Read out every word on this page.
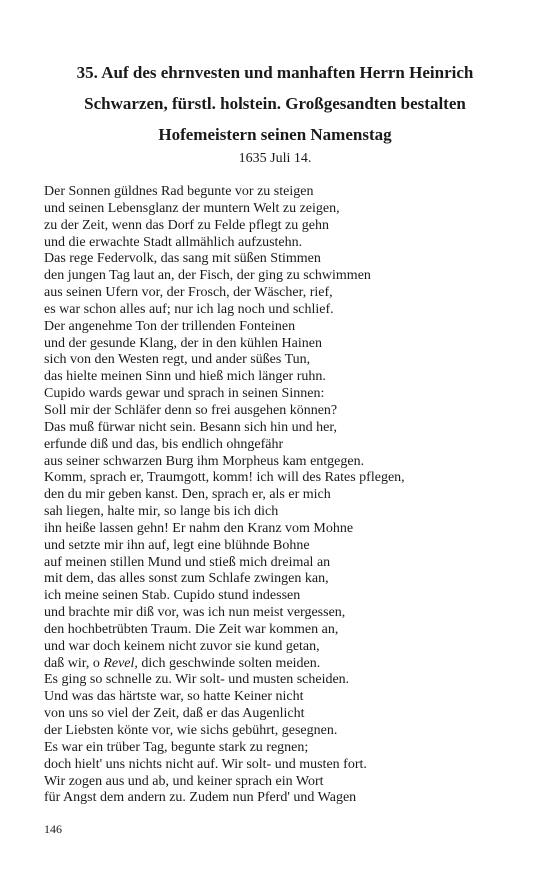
35. Auf des ehrnvesten und manhaften Herrn Heinrich
Schwarzen, fürstl. holstein. Großgesandten bestalten
Hofemeistern seinen Namenstag
1635 Juli 14.
Der Sonnen güldnes Rad begunte vor zu steigen
und seinen Lebensglanz der muntern Welt zu zeigen,
zu der Zeit, wenn das Dorf zu Felde pflegt zu gehn
und die erwachte Stadt allmählich aufzustehn.
Das rege Federvolk, das sang mit süßen Stimmen
den jungen Tag laut an, der Fisch, der ging zu schwimmen
aus seinen Ufern vor, der Frosch, der Wäscher, rief,
es war schon alles auf; nur ich lag noch und schlief.
Der angenehme Ton der trillenden Fonteinen
und der gesunde Klang, der in den kühlen Hainen
sich von den Westen regt, und ander süßes Tun,
das hielte meinen Sinn und hieß mich länger ruhn.
Cupido wards gewar und sprach in seinen Sinnen:
Soll mir der Schläfer denn so frei ausgehen können?
Das muß fürwar nicht sein. Besann sich hin und her,
erfunde diß und das, bis endlich ohngefähr
aus seiner schwarzen Burg ihm Morpheus kam entgegen.
Komm, sprach er, Traumgott, komm! ich will des Rates pflegen,
den du mir geben kanst. Den, sprach er, als er mich
sah liegen, halte mir, so lange bis ich dich
ihn heiße lassen gehn! Er nahm den Kranz vom Mohne
und setzte mir ihn auf, legt eine blühnde Bohne
auf meinen stillen Mund und stieß mich dreimal an
mit dem, das alles sonst zum Schlafe zwingen kan,
ich meine seinen Stab. Cupido stund indessen
und brachte mir diß vor, was ich nun meist vergessen,
den hochbetrübten Traum. Die Zeit war kommen an,
und war doch keinem nicht zuvor sie kund getan,
daß wir, o Revel, dich geschwinde solten meiden.
Es ging so schnelle zu. Wir solt- und musten scheiden.
Und was das härtste war, so hatte Keiner nicht
von uns so viel der Zeit, daß er das Augenlicht
der Liebsten könte vor, wie sichs gebührt, gesegnen.
Es war ein trüber Tag, begunte stark zu regnen;
doch hielt' uns nichts nicht auf. Wir solt- und musten fort.
Wir zogen aus und ab, und keiner sprach ein Wort
für Angst dem andern zu. Zudem nun Pferd' und Wagen
146
